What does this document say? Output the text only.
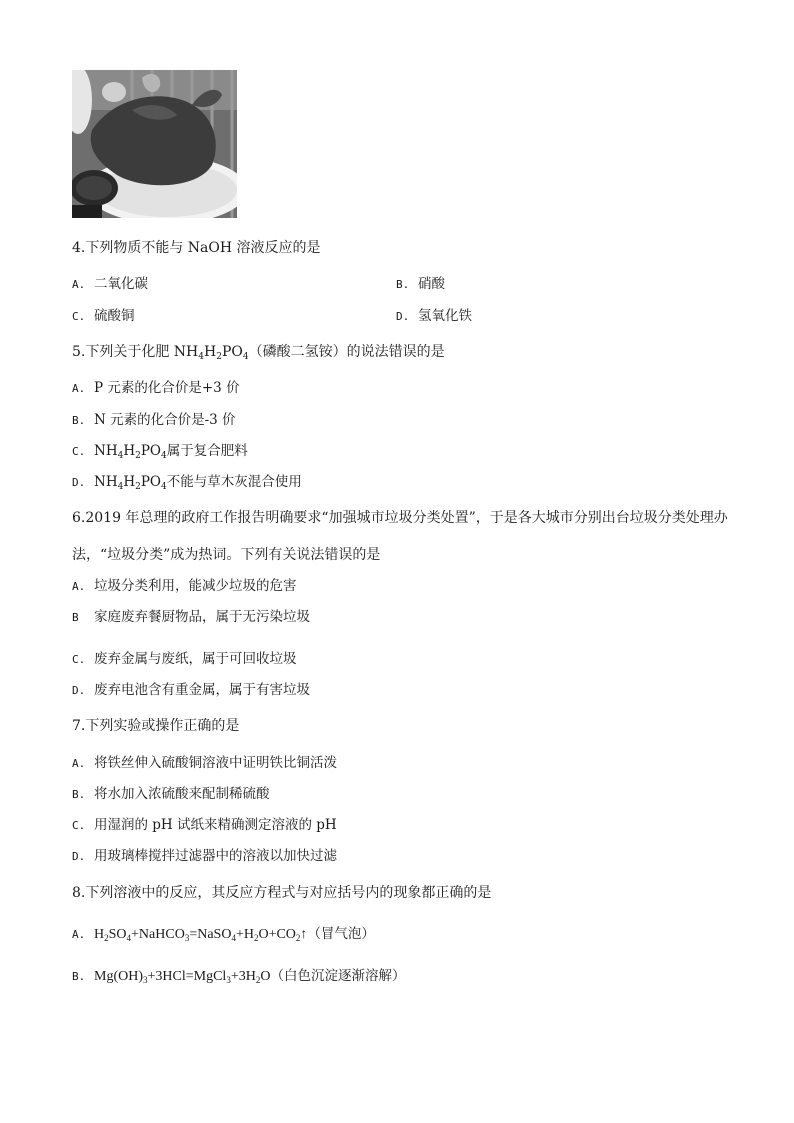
4.下列物质不能与 NaOH 溶液反应的是
A. 二氧化碳	B. 硝酸
C. 硫酸铜	D. 氢氧化铁
5.下列关于化肥 $NH_4H_2PO_4$（磷酸二氢铵）的说法错误的是
A. P 元素的化合价是+3 价
B. N 元素的化合价是-3 价
C. $NH_4H_2PO_4$属于复合肥料
D. $NH_4H_2PO_4$不能与草木灰混合使用
6.2019 年总理的政府工作报告明确要求“加强城市垃圾分类处置”，于是各大城市分别出台垃圾分类处理办
法，“垃圾分类”成为热词。下列有关说法错误的是
A. 垃圾分类利用，能减少垃圾的危害
B 家庭废弃餐厨物品，属于无污染垃圾
C. 废弃金属与废纸，属于可回收垃圾
D. 废弃电池含有重金属，属于有害垃圾
7.下列实验或操作正确的是
A. 将铁丝伸入硫酸铜溶液中证明铁比铜活泼
B. 将水加入浓硫酸来配制稀硫酸
C. 用湿润的 pH 试纸来精确测定溶液的 pH
D. 用玻璃棒搅拌过滤器中的溶液以加快过滤
8.下列溶液中的反应，其反应方程式与对应括号内的现象都正确的是
A. $H_2SO_4+NaHCO_3=NaSO_4+H_2O+CO_2↑$（冒气泡）
B. $Mg(OH)_3+3HCl=MgCl_3+3H_2O$（白色沉淀逐渐溶解）
